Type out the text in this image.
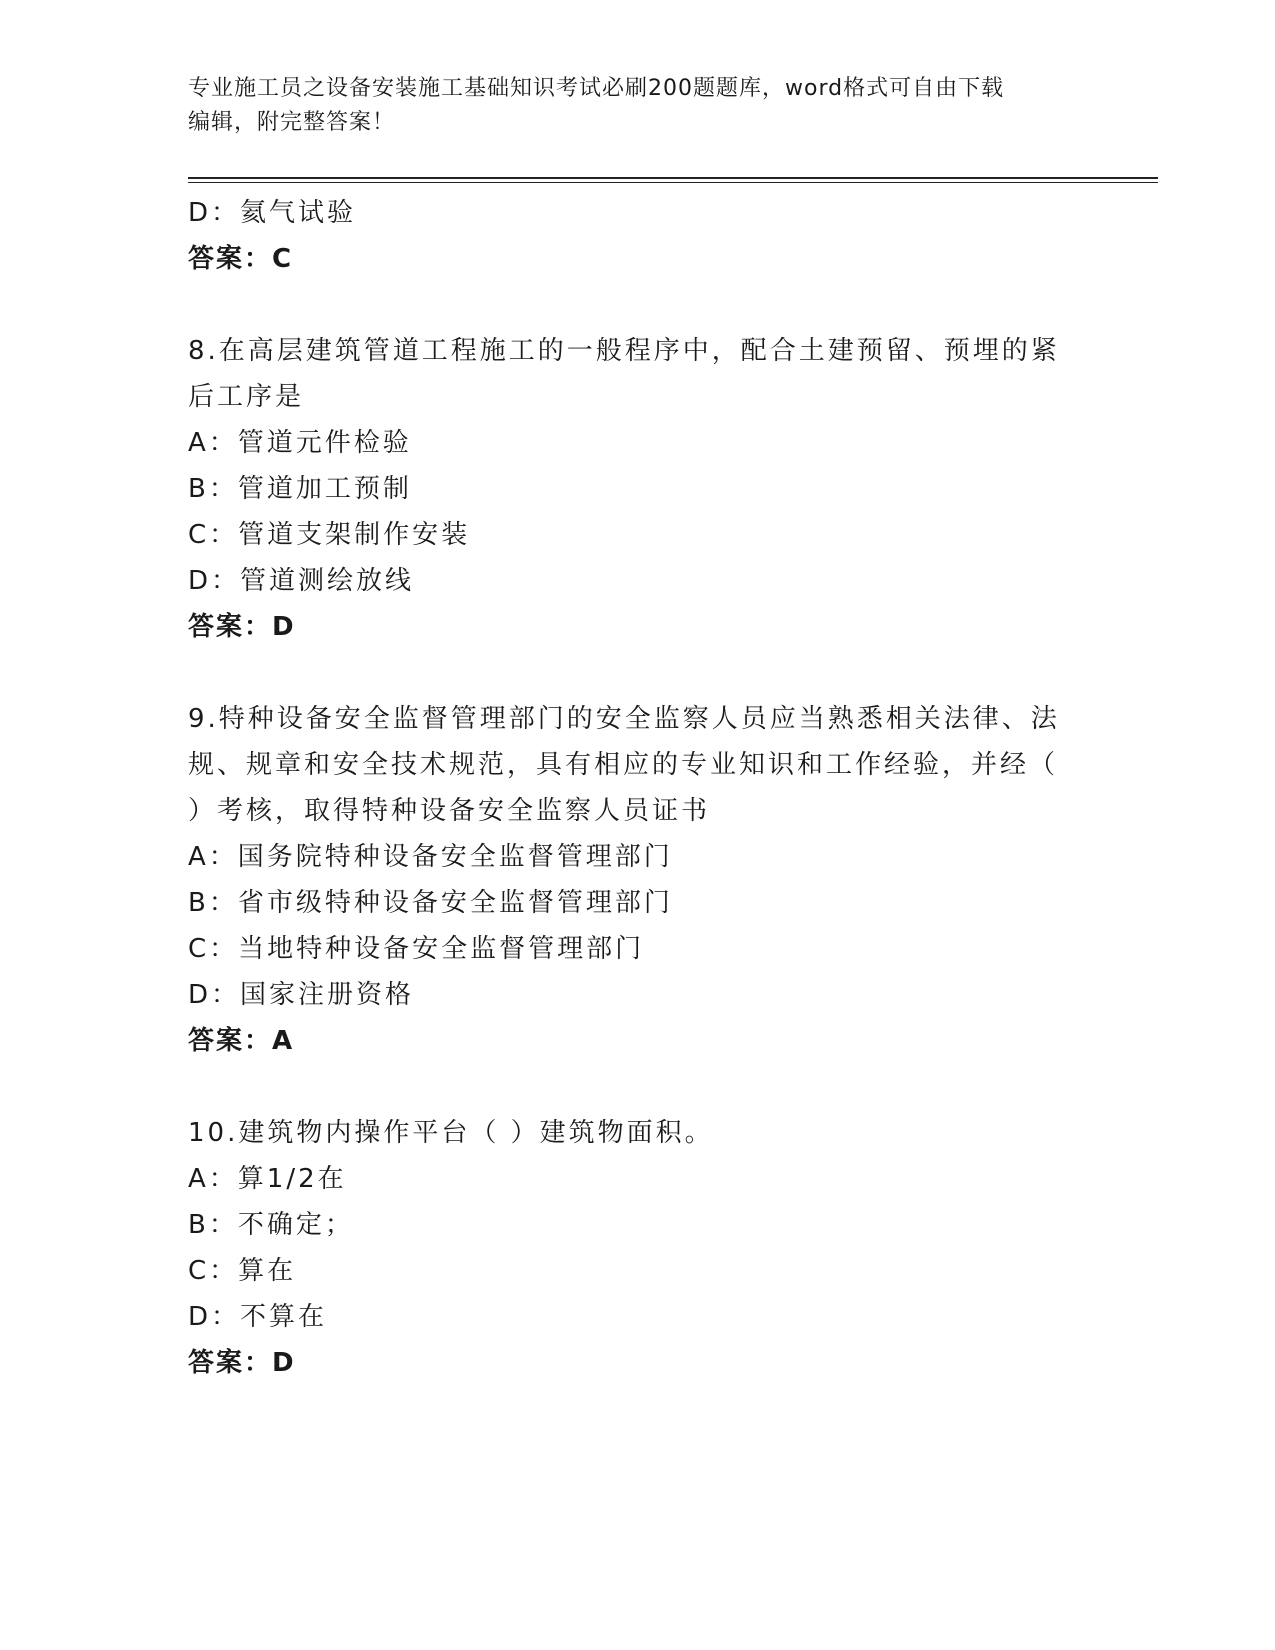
专业施工员之设备安装施工基础知识考试必刷200题题库，word格式可自由下载
编辑，附完整答案！
D：氦气试验
答案：C
8.在高层建筑管道工程施工的一般程序中，配合土建预留、预埋的紧
后工序是
A：管道元件检验
B：管道加工预制
C：管道支架制作安装
D：管道测绘放线
答案：D
9.特种设备安全监督管理部门的安全监察人员应当熟悉相关法律、法
规、规章和安全技术规范，具有相应的专业知识和工作经验，并经（
）考核，取得特种设备安全监察人员证书
A：国务院特种设备安全监督管理部门
B：省市级特种设备安全监督管理部门
C：当地特种设备安全监督管理部门
D：国家注册资格
答案：A
10.建筑物内操作平台（ ）建筑物面积。
A：算1/2在
B：不确定；
C：算在
D：不算在
答案：D
